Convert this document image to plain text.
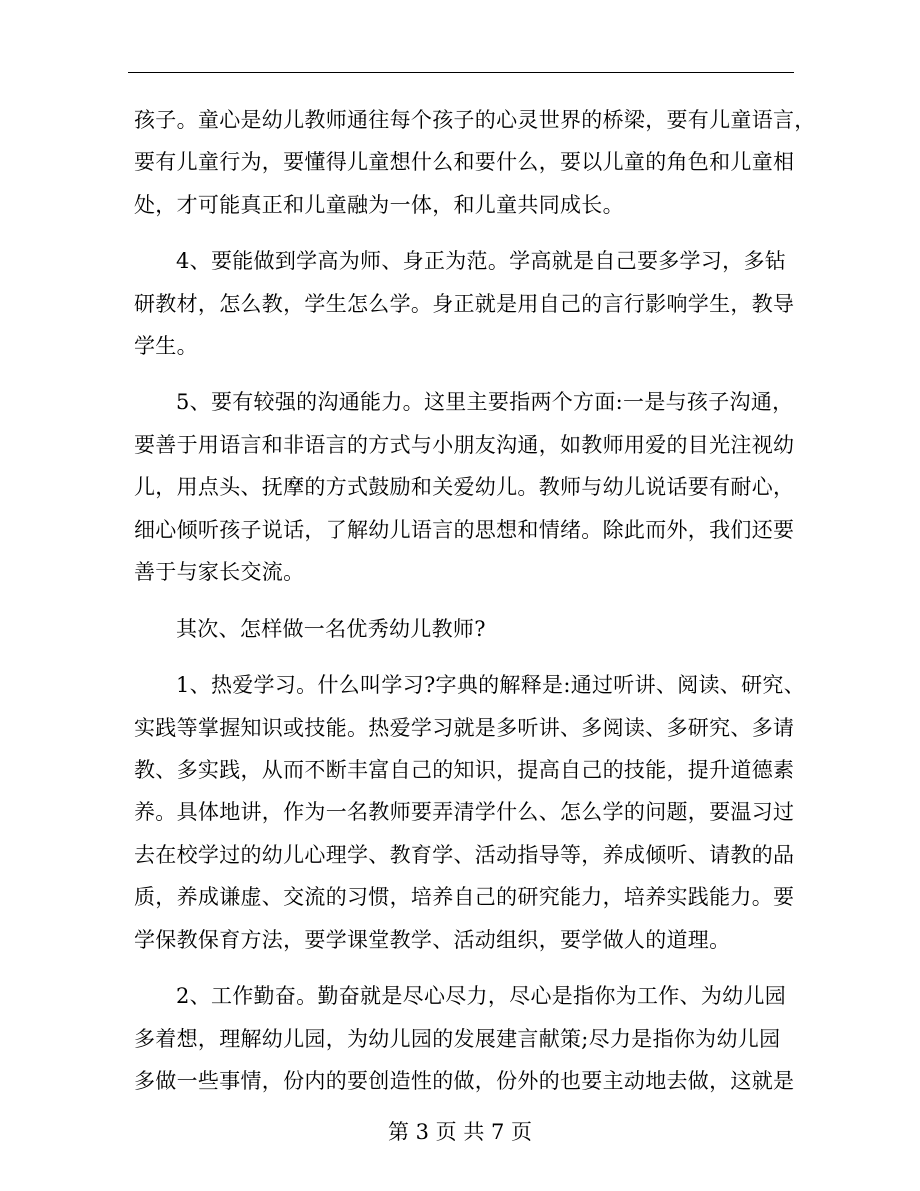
孩子。童心是幼儿教师通往每个孩子的心灵世界的桥梁，要有儿童语言，
要有儿童行为，要懂得儿童想什么和要什么，要以儿童的角色和儿童相
处，才可能真正和儿童融为一体，和儿童共同成长。
4、要能做到学高为师、身正为范。学高就是自己要多学习，多钻
研教材，怎么教，学生怎么学。身正就是用自己的言行影响学生，教导
学生。
5、要有较强的沟通能力。这里主要指两个方面:一是与孩子沟通，
要善于用语言和非语言的方式与小朋友沟通，如教师用爱的目光注视幼
儿，用点头、抚摩的方式鼓励和关爱幼儿。教师与幼儿说话要有耐心，
细心倾听孩子说话，了解幼儿语言的思想和情绪。除此而外，我们还要
善于与家长交流。
其次、怎样做一名优秀幼儿教师?
1、热爱学习。什么叫学习?字典的解释是:通过听讲、阅读、研究、
实践等掌握知识或技能。热爱学习就是多听讲、多阅读、多研究、多请
教、多实践，从而不断丰富自己的知识，提高自己的技能，提升道德素
养。具体地讲，作为一名教师要弄清学什么、怎么学的问题，要温习过
去在校学过的幼儿心理学、教育学、活动指导等，养成倾听、请教的品
质，养成谦虚、交流的习惯，培养自己的研究能力，培养实践能力。要
学保教保育方法，要学课堂教学、活动组织，要学做人的道理。
2、工作勤奋。勤奋就是尽心尽力，尽心是指你为工作、为幼儿园
多着想，理解幼儿园，为幼儿园的发展建言献策;尽力是指你为幼儿园
多做一些事情，份内的要创造性的做，份外的也要主动地去做，这就是
第 3 页 共 7 页
